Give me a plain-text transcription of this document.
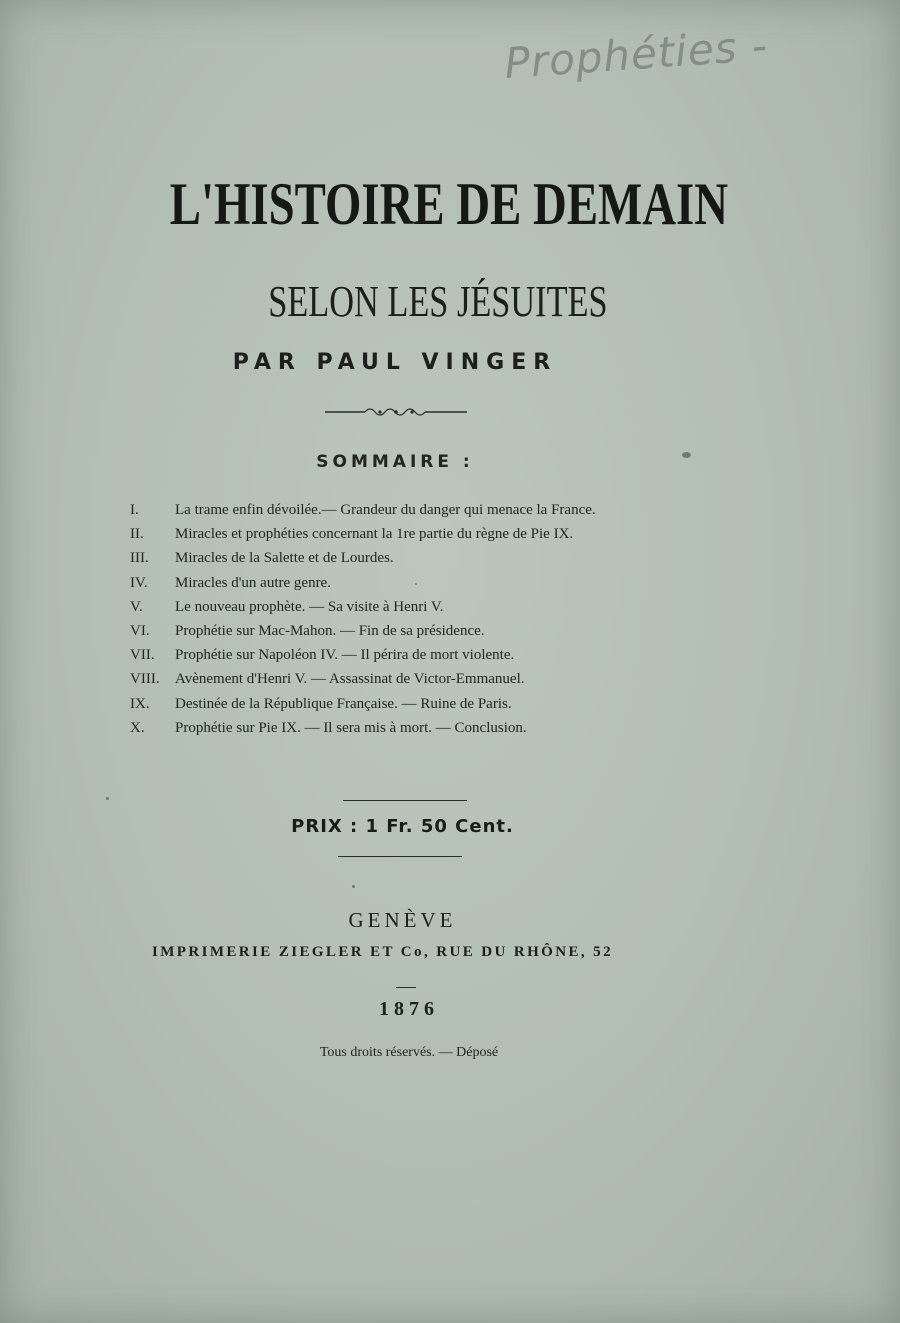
Prophéties -
L'HISTOIRE DE DEMAIN
SELON LES JÉSUITES
PAR PAUL VINGER
SOMMAIRE :
I.	La trame enfin dévoilée.— Grandeur du danger qui menace la France.
II.	Miracles et prophéties concernant la 1re partie du règne de Pie IX.
III.	Miracles de la Salette et de Lourdes.
IV.	Miracles d'un autre genre.
V.	Le nouveau prophète. — Sa visite à Henri V.
VI.	Prophétie sur Mac-Mahon. — Fin de sa présidence.
VII.	Prophétie sur Napoléon IV. — Il périra de mort violente.
VIII.	Avènement d'Henri V. — Assassinat de Victor-Emmanuel.
IX.	Destinée de la République Française. — Ruine de Paris.
X.	Prophétie sur Pie IX. — Il sera mis à mort. — Conclusion.
PRIX : 1 Fr. 50 Cent.
GENÈVE
IMPRIMERIE ZIEGLER ET Co, RUE DU RHÔNE, 52
1876
Tous droits réservés. — Déposé
